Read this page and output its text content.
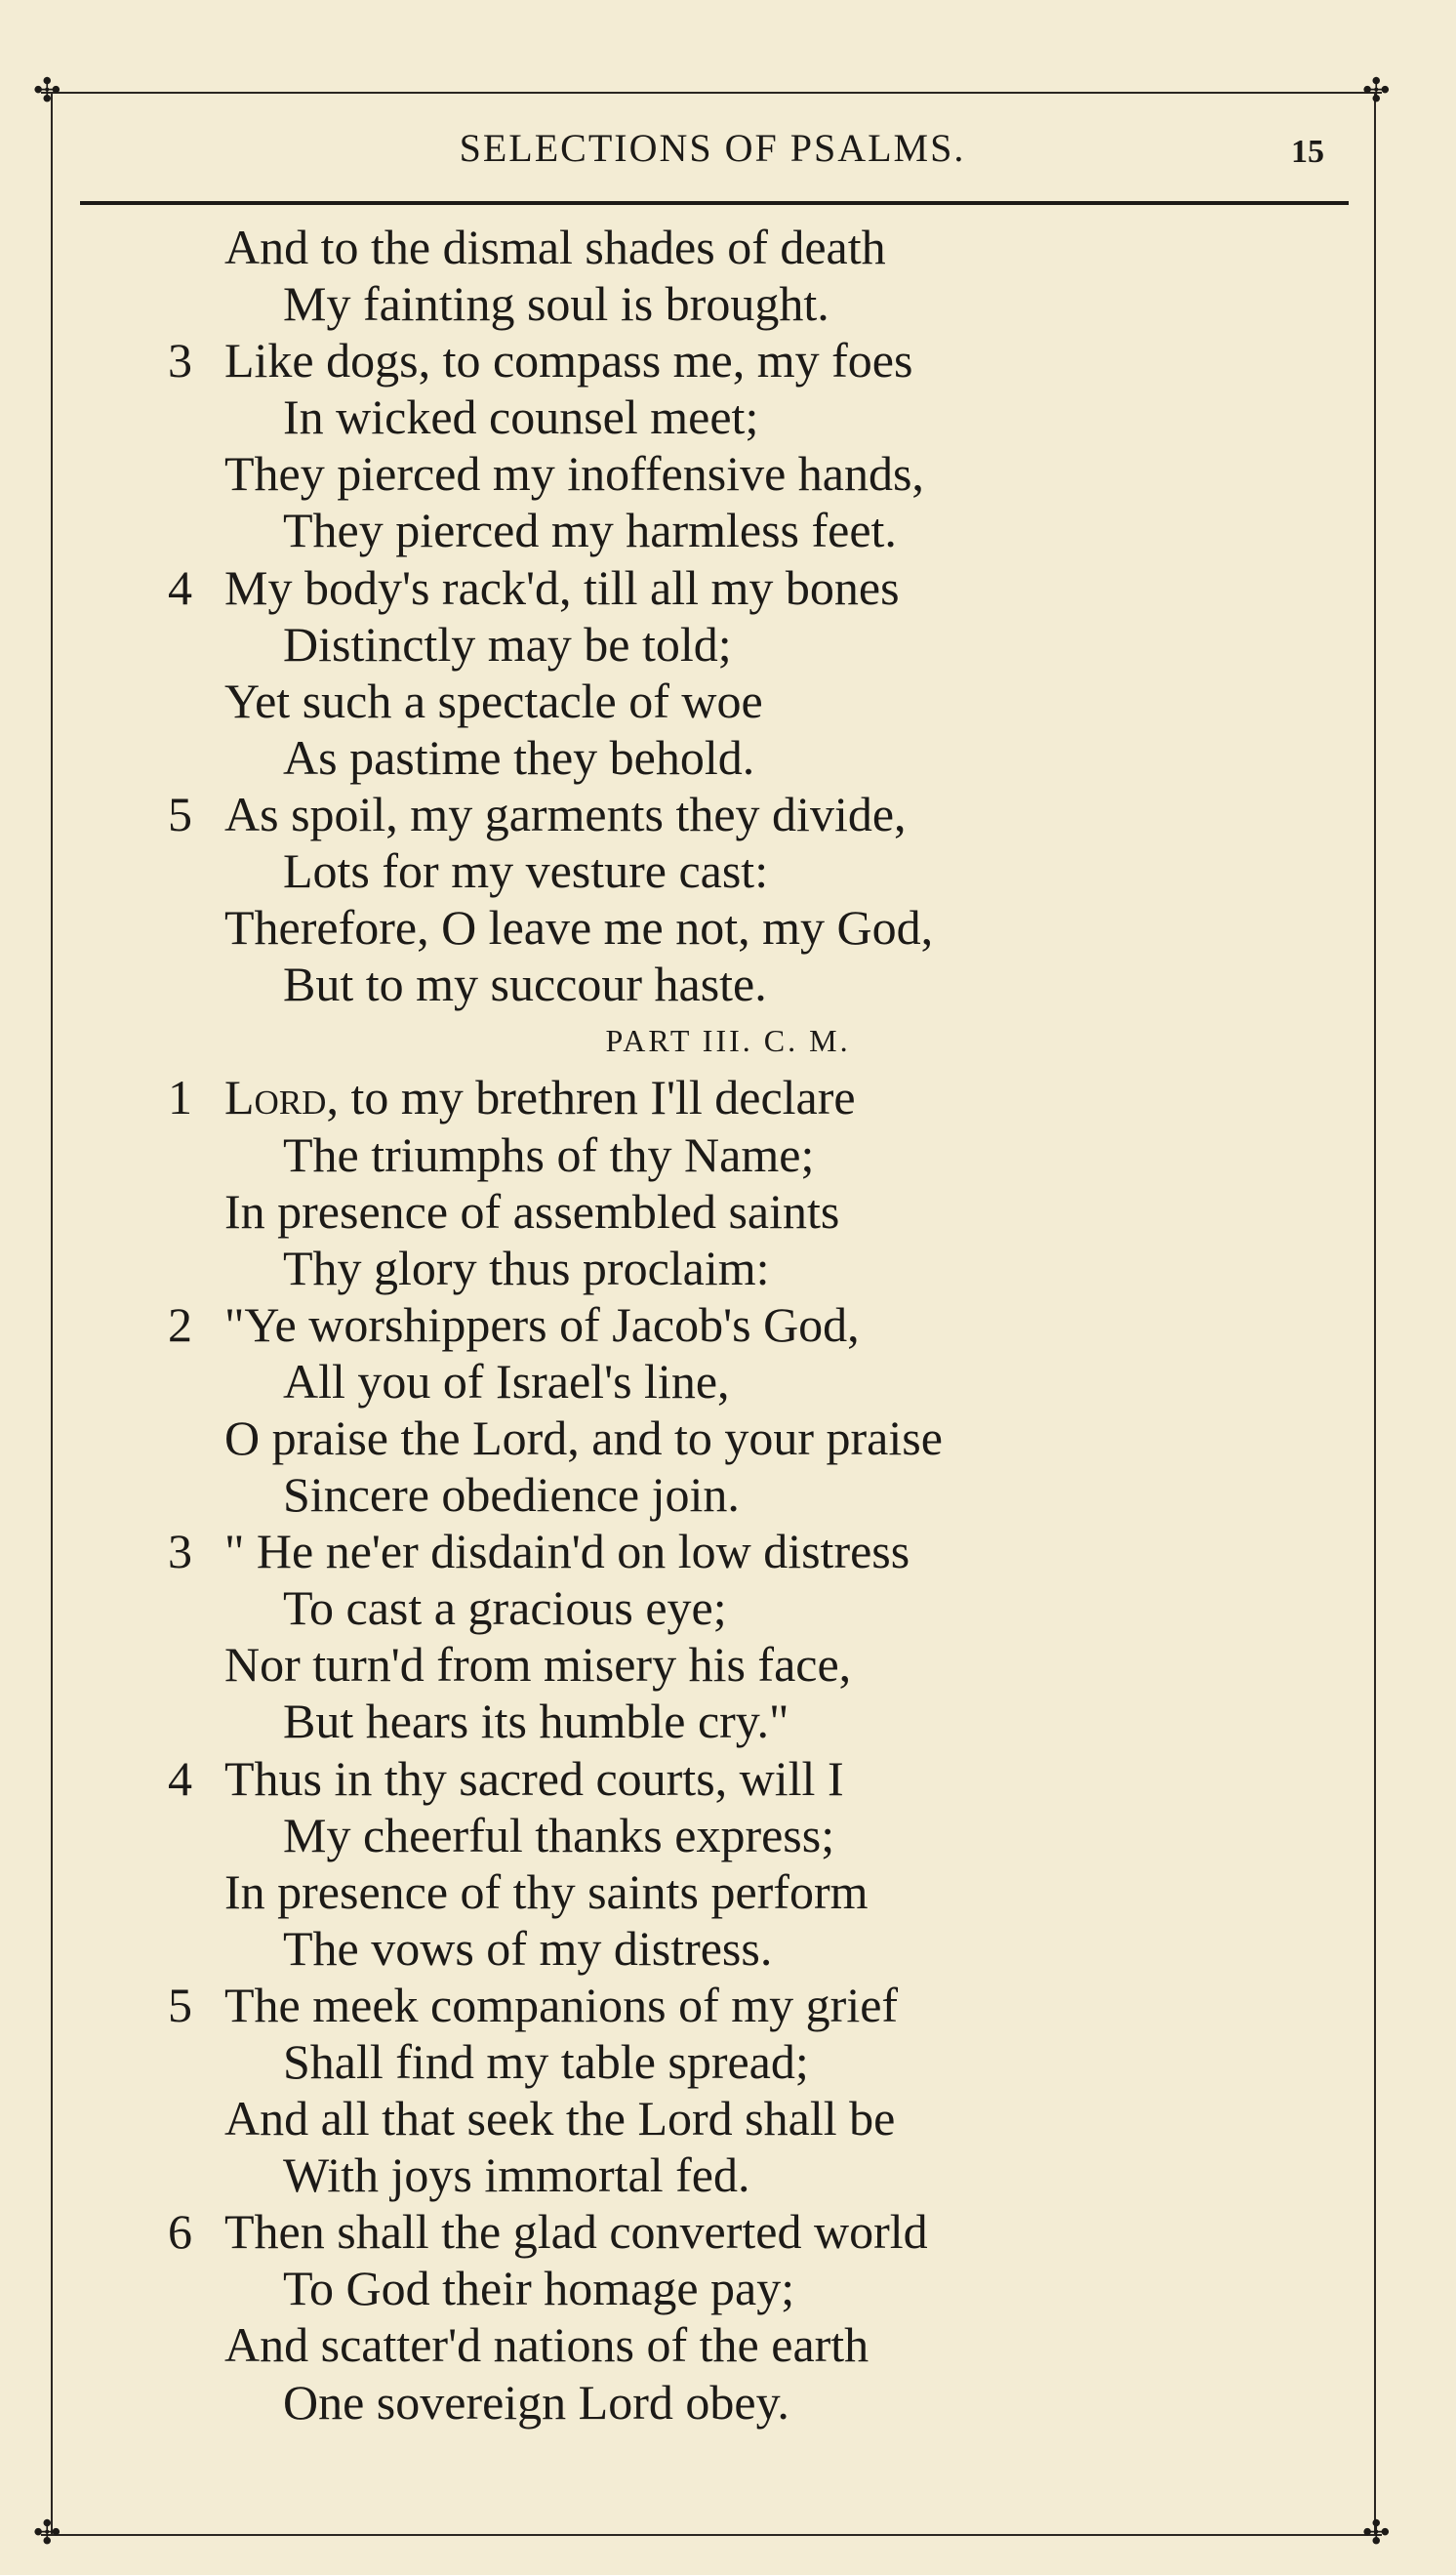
✣	✣
✣	✣
SELECTIONS OF PSALMS.	15
And to the dismal shades of death
My fainting soul is brought.
3 Like dogs, to compass me, my foes
In wicked counsel meet;
They pierced my inoffensive hands,
They pierced my harmless feet.
4 My body's rack'd, till all my bones
Distinctly may be told;
Yet such a spectacle of woe
As pastime they behold.
5 As spoil, my garments they divide,
Lots for my vesture cast:
Therefore, O leave me not, my God,
But to my succour haste.
PART III. C. M.
1 Lord, to my brethren I'll declare
The triumphs of thy Name;
In presence of assembled saints
Thy glory thus proclaim:
2 "Ye worshippers of Jacob's God,
All you of Israel's line,
O praise the Lord, and to your praise
Sincere obedience join.
3 " He ne'er disdain'd on low distress
To cast a gracious eye;
Nor turn'd from misery his face,
But hears its humble cry."
4 Thus in thy sacred courts, will I
My cheerful thanks express;
In presence of thy saints perform
The vows of my distress.
5 The meek companions of my grief
Shall find my table spread;
And all that seek the Lord shall be
With joys immortal fed.
6 Then shall the glad converted world
To God their homage pay;
And scatter'd nations of the earth
One sovereign Lord obey.
